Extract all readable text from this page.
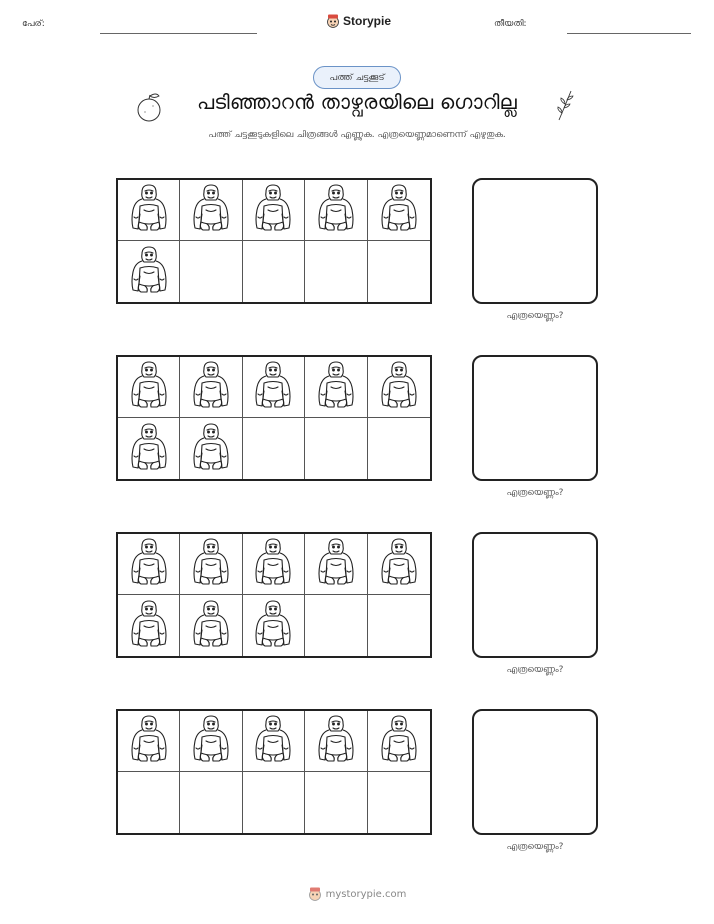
പേര്:	Storypie	തീയതി:
പത്ത് ചട്ടക്കൂട്
പടിഞ്ഞാറൻ താഴ്വരയിലെ ഗൊറില്ല
പത്ത് ചട്ടക്കൂടുകളിലെ ചിത്രങ്ങൾ എണ്ണുക. എത്രയെണ്ണമാണെന്ന് എഴുതുക.
എത്രയെണ്ണം?
എത്രയെണ്ണം?
എത്രയെണ്ണം?
എത്രയെണ്ണം?
mystorypie.com
